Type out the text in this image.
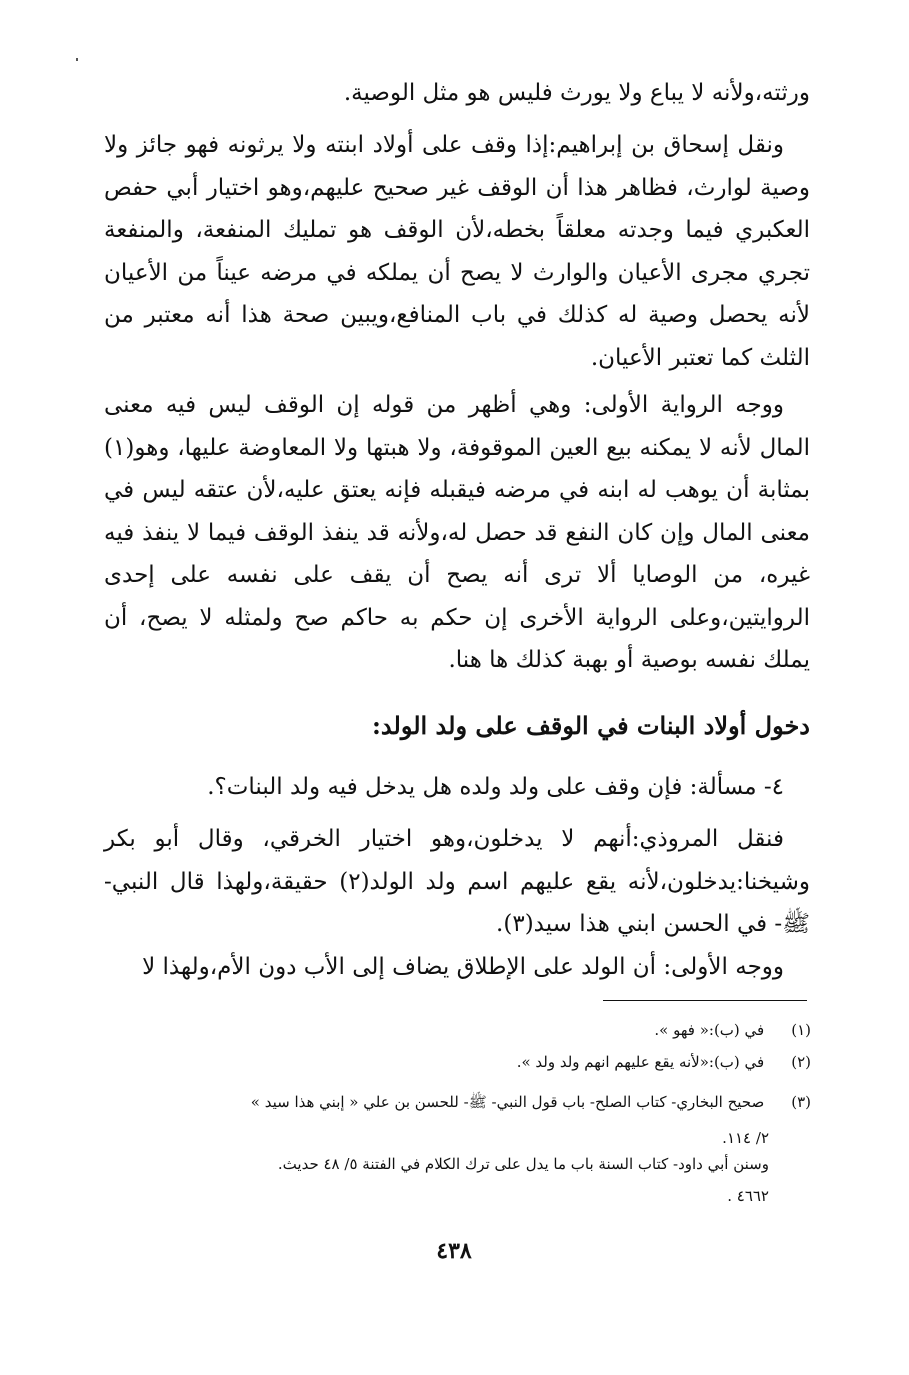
ورثته،ولأنه لا يباع ولا يورث فليس هو مثل الوصية.

ونقل إسحاق بن إبراهيم:إذا وقف على أولاد ابنته ولا يرثونه فهو جائز ولا وصية لوارث، فظاهر هذا أن الوقف غير صحيح عليهم،وهو اختيار أبي حفص العكبري فيما وجدته معلقاً بخطه،لأن الوقف هو تمليك المنفعة، والمنفعة تجري مجرى الأعيان والوارث لا يصح أن يملكه في مرضه عيناً من الأعيان لأنه يحصل وصية له كذلك في باب المنافع،ويبين صحة هذا أنه معتبر من الثلث كما تعتبر الأعيان.

ووجه الرواية الأولى: وهي أظهر من قوله إن الوقف ليس فيه معنى المال لأنه لا يمكنه بيع العين الموقوفة، ولا هبتها ولا المعاوضة عليها، وهو(١) بمثابة أن يوهب له ابنه في مرضه فيقبله فإنه يعتق عليه،لأن عتقه ليس في معنى المال وإن كان النفع قد حصل له،ولأنه قد ينفذ الوقف فيما لا ينفذ فيه غيره، من الوصايا ألا ترى أنه يصح أن يقف على نفسه على إحدى الروايتين،وعلى الرواية الأخرى إن حكم به حاكم صح ولمثله لا يصح، أن يملك نفسه بوصية أو بهبة كذلك ها هنا.

دخول أولاد البنات في الوقف على ولد الولد:

٤- مسألة: فإن وقف على ولد ولده هل يدخل فيه ولد البنات؟.

فنقل المروذي:أنهم لا يدخلون،وهو اختيار الخرقي، وقال أبو بكر وشيخنا:يدخلون،لأنه يقع عليهم اسم ولد الولد(٢) حقيقة،ولهذا قال النبي- ﷺ- في الحسن ابني هذا سيد(٣).

ووجه الأولى: أن الولد على الإطلاق يضاف إلى الأب دون الأم،ولهذا لا

(١) في (ب):« فهو ».
(٢) في (ب):«لأنه يقع عليهم انهم ولد ولد ».
(٣) صحيح البخاري- كتاب الصلح- باب قول النبي- ﷺ- للحسن بن علي « إبني هذا سيد »
٢/ ١١٤.
وسنن أبي داود- كتاب السنة باب ما يدل على ترك الكلام في الفتنة ٥/ ٤٨ حديث.
٤٦٦٢ .
٤٣٨
